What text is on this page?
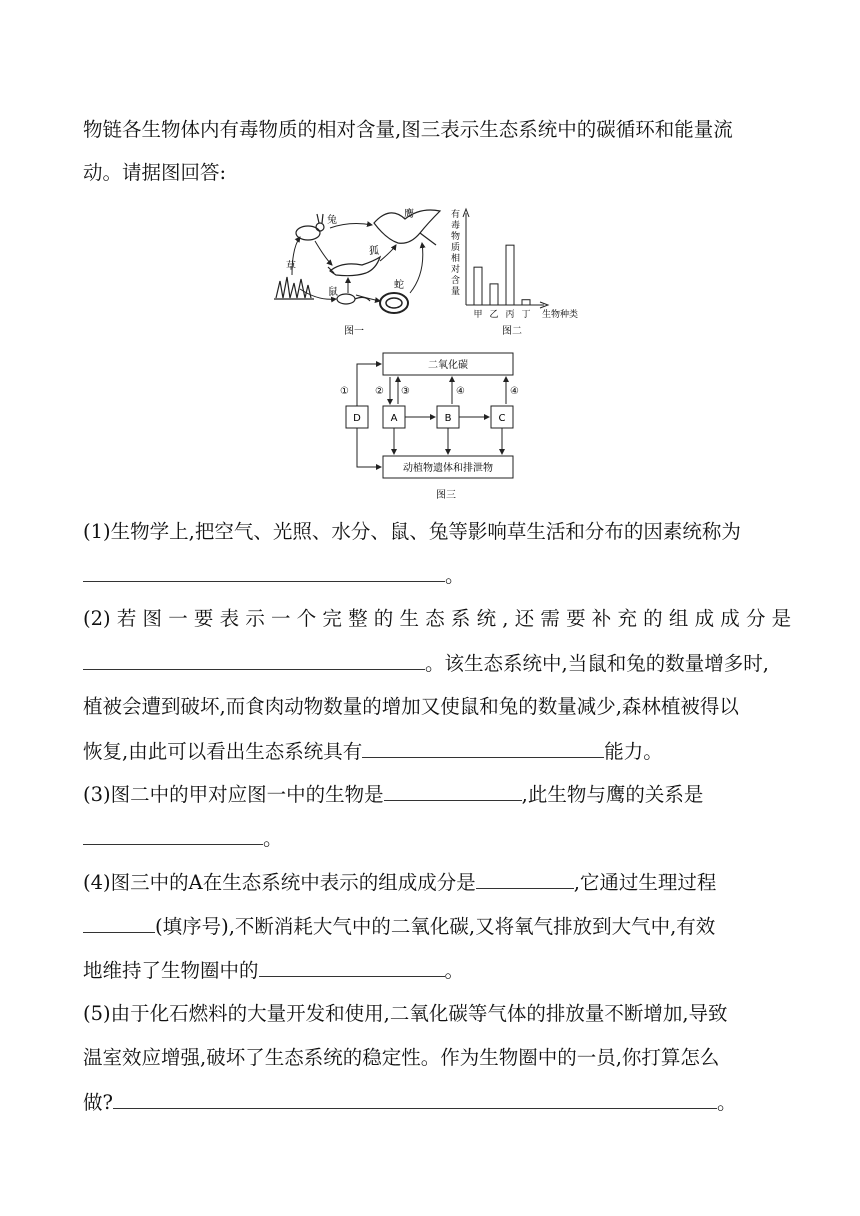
物链各生物体内有毒物质的相对含量,图三表示生态系统中的碳循环和能量流
动。请据图回答:
兔
鹰
狐
草
鼠
蛇
图一
有毒物质相对含量
甲 乙 丙 丁 生物种类
图二
二氧化碳
D	A	B	C
动植物遗体和排泄物
①	② ③	④	④
图三
(1)生物学上,把空气、光照、水分、鼠、兔等影响草生活和分布的因素统称为
。
(2) 若 图 一 要 表 示 一 个 完 整 的 生 态 系 统 , 还 需 要 补 充 的 组 成 成 分 是
。该生态系统中,当鼠和兔的数量增多时,
植被会遭到破坏,而食肉动物数量的增加又使鼠和兔的数量减少,森林植被得以
恢复,由此可以看出生态系统具有	能力。
(3)图二中的甲对应图一中的生物是	,此生物与鹰的关系是
。
(4)图三中的A在生态系统中表示的组成成分是	,它通过生理过程
(填序号),不断消耗大气中的二氧化碳,又将氧气排放到大气中,有效
地维持了生物圈中的	。
(5)由于化石燃料的大量开发和使用,二氧化碳等气体的排放量不断增加,导致
温室效应增强,破坏了生态系统的稳定性。作为生物圈中的一员,你打算怎么
做?	。
